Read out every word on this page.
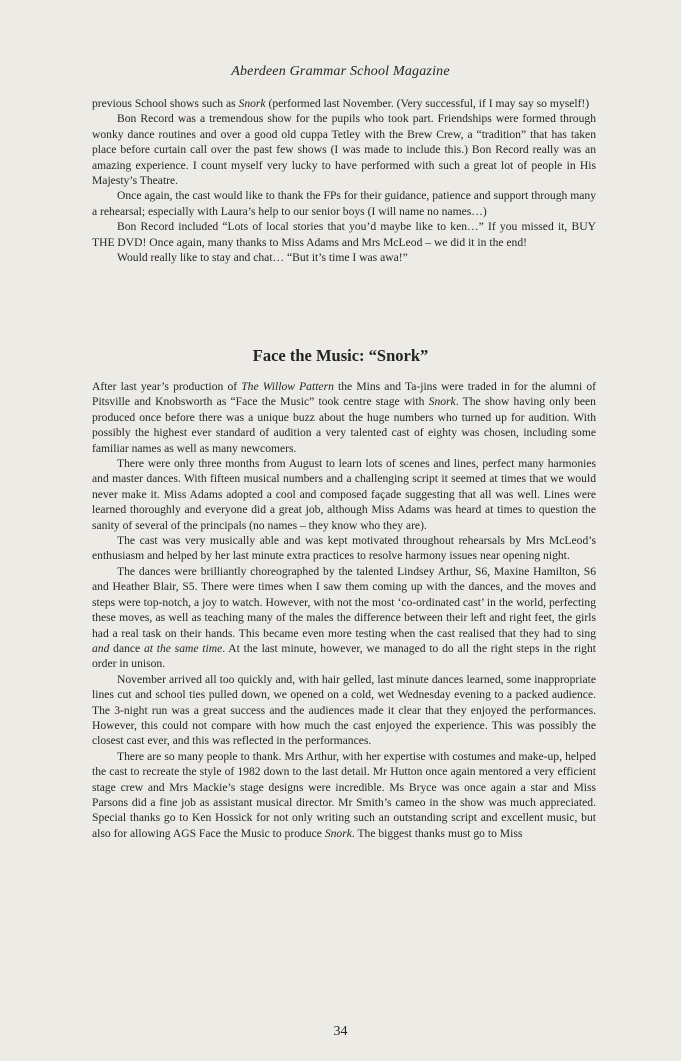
Aberdeen Grammar School Magazine

previous School shows such as Snork (performed last November. (Very successful, if I may say so myself!)

Bon Record was a tremendous show for the pupils who took part. Friendships were formed through wonky dance routines and over a good old cuppa Tetley with the Brew Crew, a “tradition” that has taken place before curtain call over the past few shows (I was made to include this.) Bon Record really was an amazing experience. I count myself very lucky to have performed with such a great lot of people in His Majesty’s Theatre.

Once again, the cast would like to thank the FPs for their guidance, patience and support through many a rehearsal; especially with Laura’s help to our senior boys (I will name no names…)

Bon Record included “Lots of local stories that you’d maybe like to ken…” If you missed it, BUY THE DVD! Once again, many thanks to Miss Adams and Mrs McLeod – we did it in the end!

Would really like to stay and chat… “But it’s time I was awa!”

Face the Music: “Snork”

After last year’s production of The Willow Pattern the Mins and Ta-jins were traded in for the alumni of Pitsville and Knobsworth as “Face the Music” took centre stage with Snork. The show having only been produced once before there was a unique buzz about the huge numbers who turned up for audition. With possibly the highest ever standard of audition a very talented cast of eighty was chosen, including some familiar names as well as many newcomers.

There were only three months from August to learn lots of scenes and lines, perfect many harmonies and master dances. With fifteen musical numbers and a challenging script it seemed at times that we would never make it. Miss Adams adopted a cool and composed façade suggesting that all was well. Lines were learned thoroughly and everyone did a great job, although Miss Adams was heard at times to question the sanity of several of the principals (no names – they know who they are).

The cast was very musically able and was kept motivated throughout rehearsals by Mrs McLeod’s enthusiasm and helped by her last minute extra practices to resolve harmony issues near opening night.

The dances were brilliantly choreographed by the talented Lindsey Arthur, S6, Maxine Hamilton, S6 and Heather Blair, S5. There were times when I saw them coming up with the dances, and the moves and steps were top-notch, a joy to watch. However, with not the most ‘co-ordinated cast’ in the world, perfecting these moves, as well as teaching many of the males the difference between their left and right feet, the girls had a real task on their hands. This became even more testing when the cast realised that they had to sing and dance at the same time. At the last minute, however, we managed to do all the right steps in the right order in unison.

November arrived all too quickly and, with hair gelled, last minute dances learned, some inappropriate lines cut and school ties pulled down, we opened on a cold, wet Wednesday evening to a packed audience. The 3-night run was a great success and the audiences made it clear that they enjoyed the performances. However, this could not compare with how much the cast enjoyed the experience. This was possibly the closest cast ever, and this was reflected in the performances.

There are so many people to thank. Mrs Arthur, with her expertise with costumes and make-up, helped the cast to recreate the style of 1982 down to the last detail. Mr Hutton once again mentored a very efficient stage crew and Mrs Mackie’s stage designs were incredible. Ms Bryce was once again a star and Miss Parsons did a fine job as assistant musical director. Mr Smith’s cameo in the show was much appreciated. Special thanks go to Ken Hossick for not only writing such an outstanding script and excellent music, but also for allowing AGS Face the Music to produce Snork. The biggest thanks must go to Miss

34
